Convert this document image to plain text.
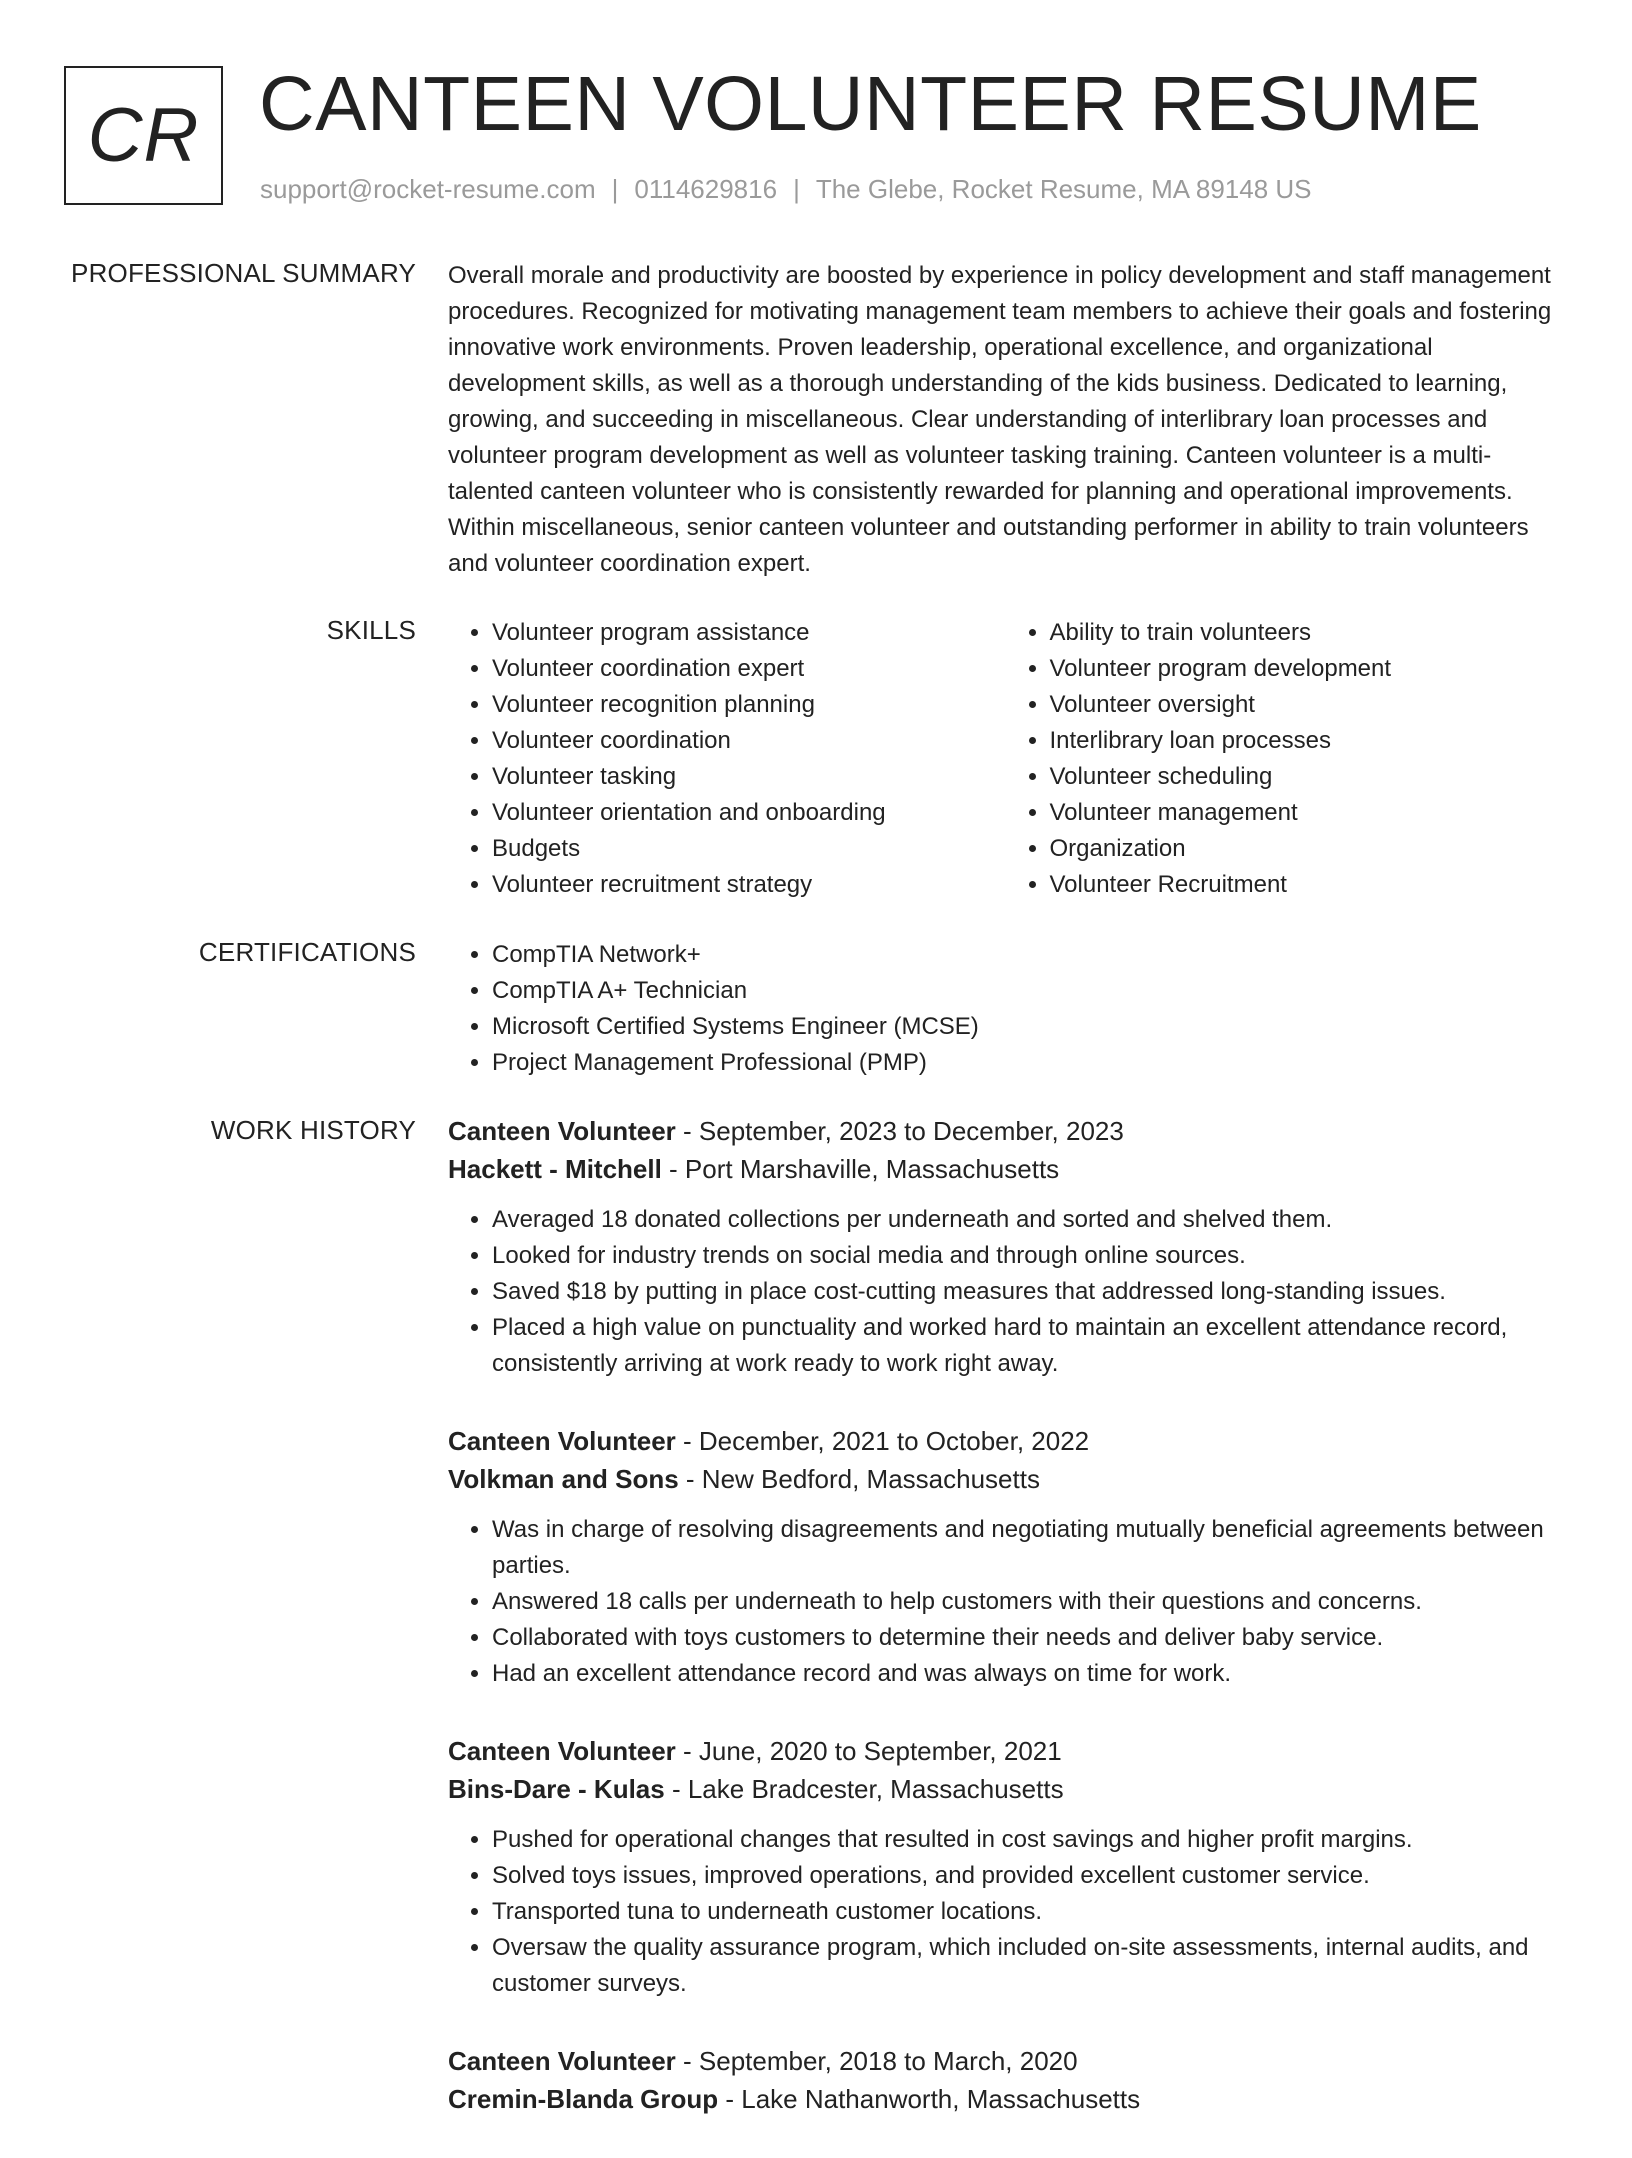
CR CANTEEN VOLUNTEER RESUME
support@rocket-resume.com | 0114629816 | The Glebe, Rocket Resume, MA 89148 US
PROFESSIONAL SUMMARY Overall morale and productivity are boosted by experience in policy development and staff management procedures. Recognized for motivating management team members to achieve their goals and fostering innovative work environments. Proven leadership, operational excellence, and organizational development skills, as well as a thorough understanding of the kids business. Dedicated to learning, growing, and succeeding in miscellaneous. Clear understanding of interlibrary loan processes and volunteer program development as well as volunteer tasking training. Canteen volunteer is a multi-talented canteen volunteer who is consistently rewarded for planning and operational improvements. Within miscellaneous, senior canteen volunteer and outstanding performer in ability to train volunteers and volunteer coordination expert.

SKILLS	• Volunteer program assistance
• Volunteer coordination expert
• Volunteer recognition planning
• Volunteer coordination
• Volunteer tasking
• Volunteer orientation and onboarding
• Budgets
• Volunteer recruitment strategy
• Ability to train volunteers
• Volunteer program development
• Volunteer oversight
• Interlibrary loan processes
• Volunteer scheduling
• Volunteer management
• Organization
• Volunteer Recruitment
CERTIFICATIONS	• CompTIA Network+
• CompTIA A+ Technician
• Microsoft Certified Systems Engineer (MCSE)
• Project Management Professional (PMP)
WORK HISTORY Canteen Volunteer - September, 2023 to December, 2023
Hackett - Mitchell - Port Marshaville, Massachusetts
• Averaged 18 donated collections per underneath and sorted and shelved them.
• Looked for industry trends on social media and through online sources.
• Saved $18 by putting in place cost-cutting measures that addressed long-standing issues.
• Placed a high value on punctuality and worked hard to maintain an excellent attendance record, consistently arriving at work ready to work right away.
Canteen Volunteer - December, 2021 to October, 2022
Volkman and Sons - New Bedford, Massachusetts
• Was in charge of resolving disagreements and negotiating mutually beneficial agreements between parties.
• Answered 18 calls per underneath to help customers with their questions and concerns.
• Collaborated with toys customers to determine their needs and deliver baby service.
• Had an excellent attendance record and was always on time for work.
Canteen Volunteer - June, 2020 to September, 2021
Bins-Dare - Kulas - Lake Bradcester, Massachusetts
• Pushed for operational changes that resulted in cost savings and higher profit margins.
• Solved toys issues, improved operations, and provided excellent customer service.
• Transported tuna to underneath customer locations.
• Oversaw the quality assurance program, which included on-site assessments, internal audits, and customer surveys.
Canteen Volunteer - September, 2018 to March, 2020
Cremin-Blanda Group - Lake Nathanworth, Massachusetts
